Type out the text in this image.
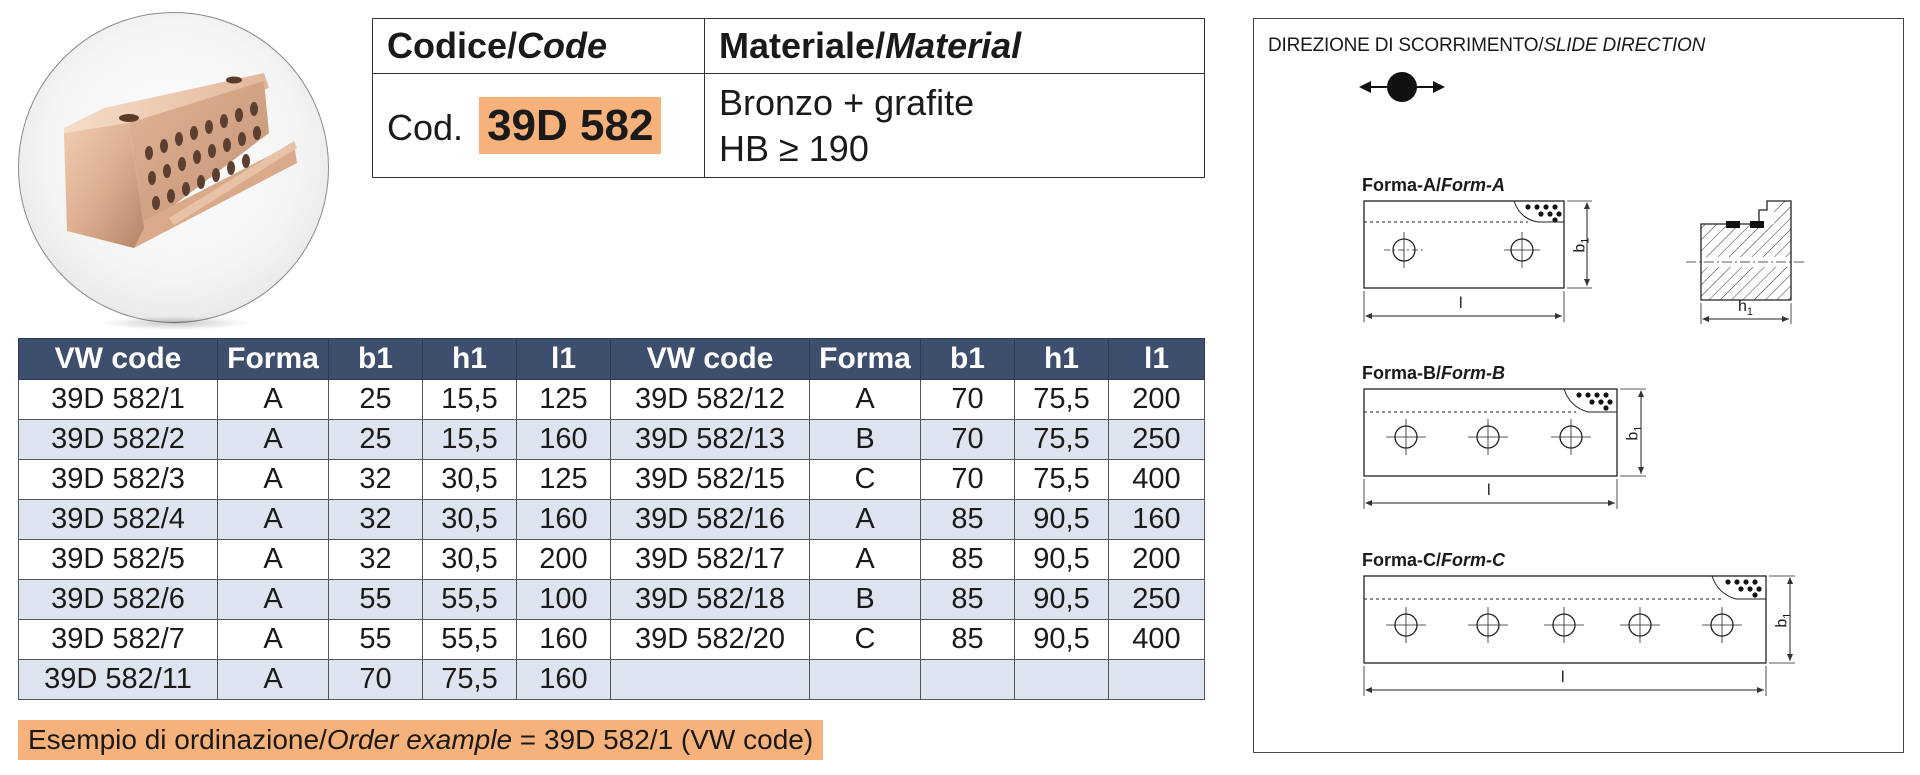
Codice/Code	Materiale/Material
Cod. 39D 582	Bronzo + grafite
HB ≥ 190
VW code	Forma	b1	h1	l1	VW code	Forma	b1	h1	l1
39D 582/1	A	25	15,5	125	39D 582/12	A	70	75,5	200
39D 582/2	A	25	15,5	160	39D 582/13	B	70	75,5	250
39D 582/3	A	32	30,5	125	39D 582/15	C	70	75,5	400
39D 582/4	A	32	30,5	160	39D 582/16	A	85	90,5	160
39D 582/5	A	32	30,5	200	39D 582/17	A	85	90,5	200
39D 582/6	A	55	55,5	100	39D 582/18	B	85	90,5	250
39D 582/7	A	55	55,5	160	39D 582/20	C	85	90,5	400
39D 582/11	A	70	75,5	160					
Esempio di ordinazione/Order example = 39D 582/1 (VW code)
DIREZIONE DI SCORRIMENTO/SLIDE DIRECTION
Forma-A/Form-A
Forma-B/Form-B
Forma-C/Form-C
l
$b_1$
$h_1$
l
$b_1$
l
$b_1$
